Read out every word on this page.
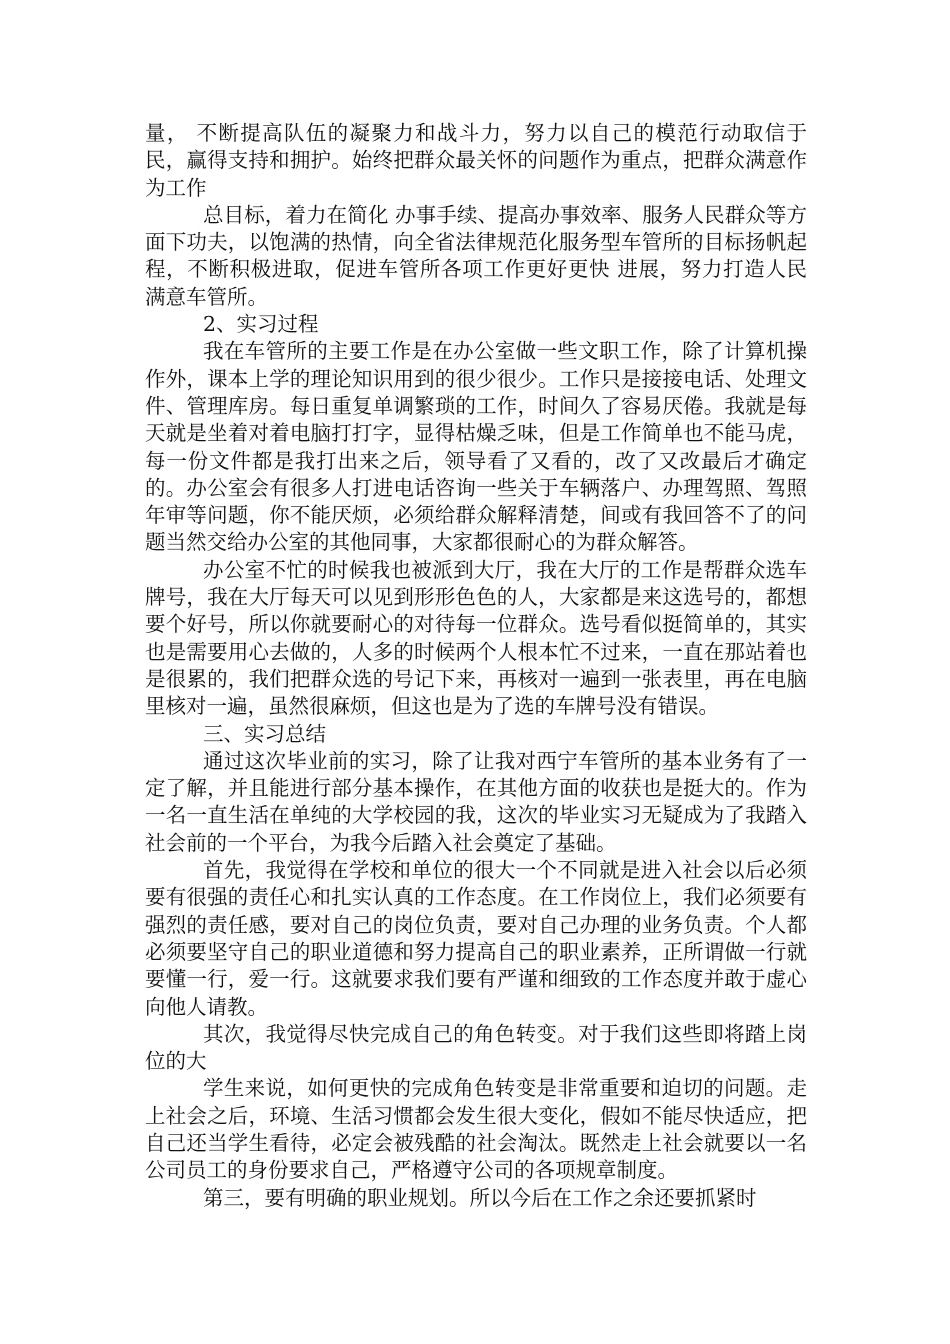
量， 不断提高队伍的凝聚力和战斗力，努力以自己的模范行动取信于民，赢得支持和拥护。始终把群众最关怀的问题作为重点，把群众满意作为工作

总目标，着力在简化 办事手续、提高办事效率、服务人民群众等方面下功夫，以饱满的热情，向全省法律规范化服务型车管所的目标扬帆起程，不断积极进取，促进车管所各项工作更好更快 进展，努力打造人民满意车管所。

2、实习过程

我在车管所的主要工作是在办公室做一些文职工作，除了计算机操作外，课本上学的理论知识用到的很少很少。工作只是接接电话、处理文件、管理库房。每日重复单调繁琐的工作，时间久了容易厌倦。我就是每天就是坐着对着电脑打打字，显得枯燥乏味，但是工作简单也不能马虎，每一份文件都是我打出来之后，领导看了又看的，改了又改最后才确定的。办公室会有很多人打进电话咨询一些关于车辆落户、办理驾照、驾照年审等问题，你不能厌烦，必须给群众解释清楚，间或有我回答不了的问题当然交给办公室的其他同事，大家都很耐心的为群众解答。

办公室不忙的时候我也被派到大厅，我在大厅的工作是帮群众选车牌号，我在大厅每天可以见到形形色色的人，大家都是来这选号的，都想要个好号，所以你就要耐心的对待每一位群众。选号看似挺简单的，其实也是需要用心去做的，人多的时候两个人根本忙不过来，一直在那站着也是很累的，我们把群众选的号记下来，再核对一遍到一张表里，再在电脑里核对一遍，虽然很麻烦，但这也是为了选的车牌号没有错误。

三、实习总结

通过这次毕业前的实习，除了让我对西宁车管所的基本业务有了一定了解，并且能进行部分基本操作，在其他方面的收获也是挺大的。作为一名一直生活在单纯的大学校园的我，这次的毕业实习无疑成为了我踏入社会前的一个平台，为我今后踏入社会奠定了基础。

首先，我觉得在学校和单位的很大一个不同就是进入社会以后必须要有很强的责任心和扎实认真的工作态度。在工作岗位上，我们必须要有强烈的责任感，要对自己的岗位负责，要对自己办理的业务负责。个人都必须要坚守自己的职业道德和努力提高自己的职业素养，正所谓做一行就要懂一行，爱一行。这就要求我们要有严谨和细致的工作态度并敢于虚心向他人请教。

其次，我觉得尽快完成自己的角色转变。对于我们这些即将踏上岗位的大

学生来说，如何更快的完成角色转变是非常重要和迫切的问题。走上社会之后，环境、生活习惯都会发生很大变化，假如不能尽快适应，把自己还当学生看待，必定会被残酷的社会淘汰。既然走上社会就要以一名公司员工的身份要求自己，严格遵守公司的各项规章制度。

第三，要有明确的职业规划。所以今后在工作之余还要抓紧时
